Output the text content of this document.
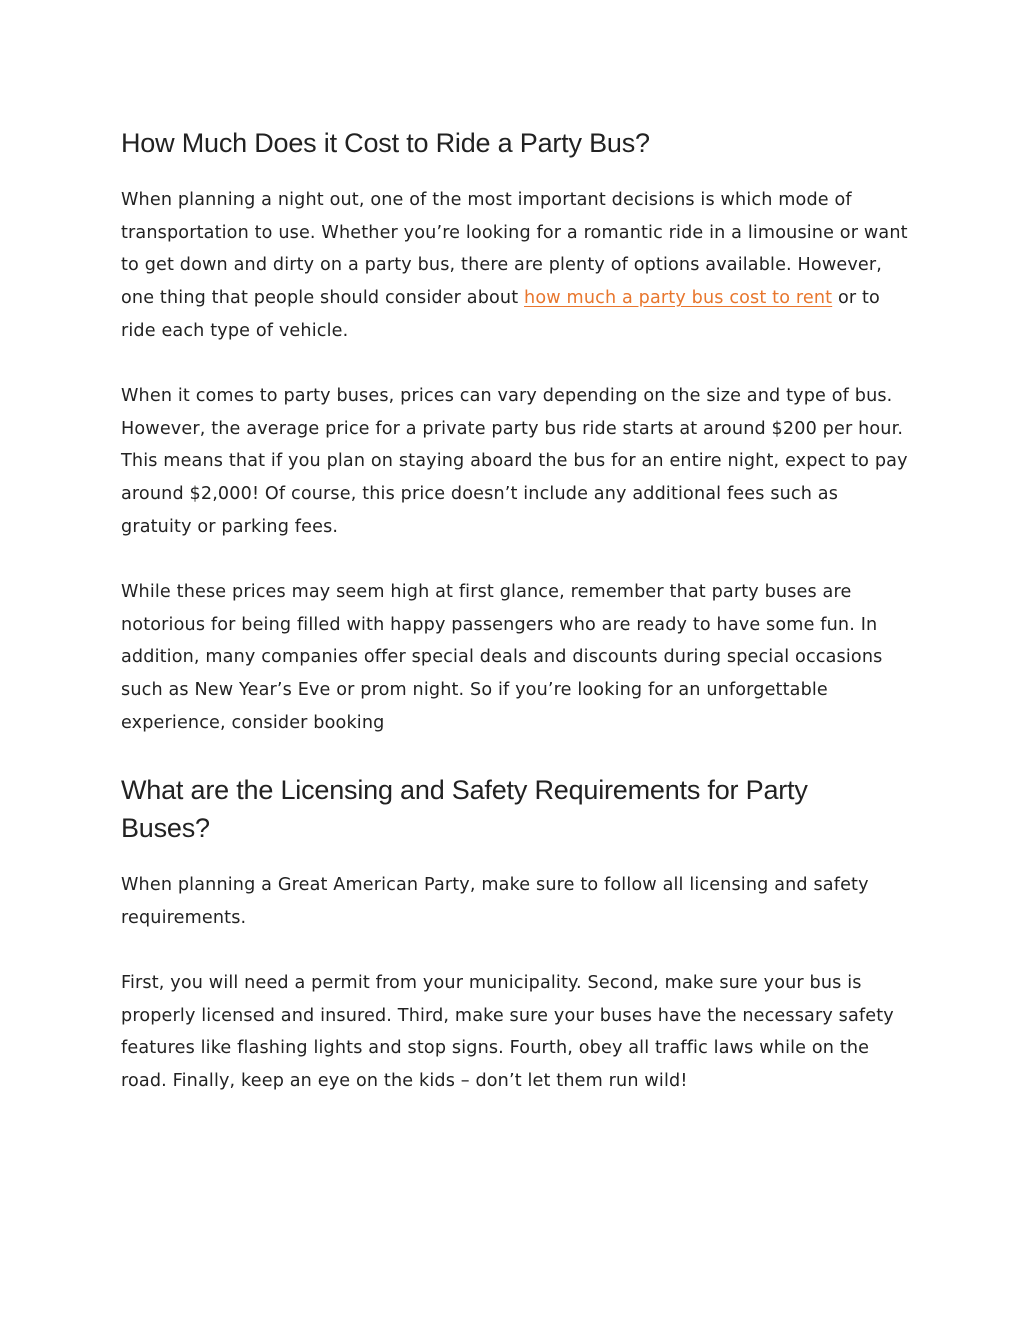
How Much Does it Cost to Ride a Party Bus?

When planning a night out, one of the most important decisions is which mode of transportation to use. Whether you’re looking for a romantic ride in a limousine or want to get down and dirty on a party bus, there are plenty of options available. However, one thing that people should consider about how much a party bus cost to rent or to ride each type of vehicle.

When it comes to party buses, prices can vary depending on the size and type of bus. However, the average price for a private party bus ride starts at around $200 per hour. This means that if you plan on staying aboard the bus for an entire night, expect to pay around $2,000! Of course, this price doesn’t include any additional fees such as gratuity or parking fees.

While these prices may seem high at first glance, remember that party buses are notorious for being filled with happy passengers who are ready to have some fun. In addition, many companies offer special deals and discounts during special occasions such as New Year’s Eve or prom night. So if you’re looking for an unforgettable experience, consider booking

What are the Licensing and Safety Requirements for Party Buses?

When planning a Great American Party, make sure to follow all licensing and safety requirements.

First, you will need a permit from your municipality. Second, make sure your bus is properly licensed and insured. Third, make sure your buses have the necessary safety features like flashing lights and stop signs. Fourth, obey all traffic laws while on the road. Finally, keep an eye on the kids – don’t let them run wild!
